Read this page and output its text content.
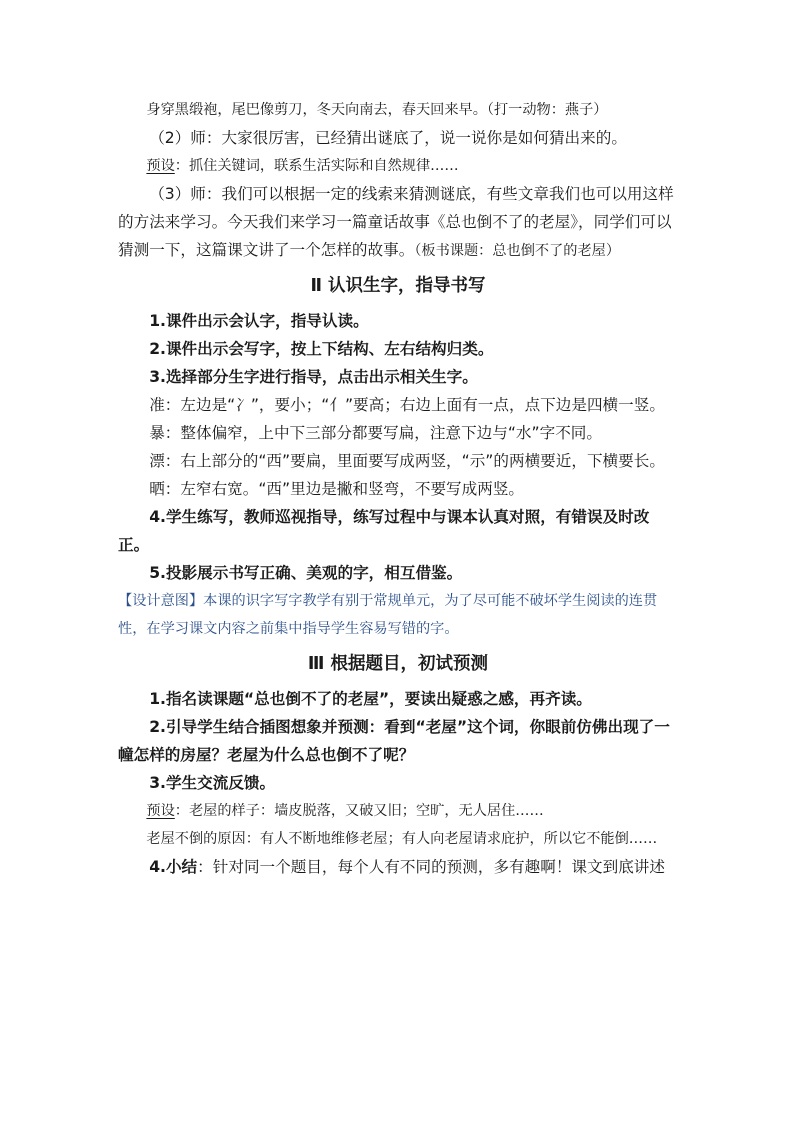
身穿黑缎袍，尾巴像剪刀，冬天向南去，春天回来早。（打一动物：燕子）

（2）师：大家很厉害，已经猜出谜底了，说一说你是如何猜出来的。

预设：抓住关键词，联系生活实际和自然规律……

（3）师：我们可以根据一定的线索来猜测谜底，有些文章我们也可以用这样的方法来学习。今天我们来学习一篇童话故事《总也倒不了的老屋》，同学们可以猜测一下，这篇课文讲了一个怎样的故事。（板书课题：总也倒不了的老屋）

Ⅱ 认识生字，指导书写

1.课件出示会认字，指导认读。

2.课件出示会写字，按上下结构、左右结构归类。

3.选择部分生字进行指导，点击出示相关生字。

准：左边是“冫”，要小；“亻”要高；右边上面有一点，点下边是四横一竖。

暴：整体偏窄，上中下三部分都要写扁，注意下边与“水”字不同。

漂：右上部分的“西”要扁，里面要写成两竖，“示”的两横要近，下横要长。

晒：左窄右宽。“西”里边是撇和竖弯，不要写成两竖。

4.学生练写，教师巡视指导，练写过程中与课本认真对照，有错误及时改正。

5.投影展示书写正确、美观的字，相互借鉴。

【设计意图】本课的识字写字教学有别于常规单元，为了尽可能不破坏学生阅读的连贯性，在学习课文内容之前集中指导学生容易写错的字。

Ⅲ 根据题目，初试预测

1.指名读课题“总也倒不了的老屋”，要读出疑惑之感，再齐读。

2.引导学生结合插图想象并预测：看到“老屋”这个词，你眼前仿佛出现了一幢怎样的房屋？老屋为什么总也倒不了呢？

3.学生交流反馈。

预设：老屋的样子：墙皮脱落，又破又旧；空旷，无人居住……

老屋不倒的原因：有人不断地维修老屋；有人向老屋请求庇护，所以它不能倒……

4.小结：针对同一个题目，每个人有不同的预测，多有趣啊！课文到底讲述
